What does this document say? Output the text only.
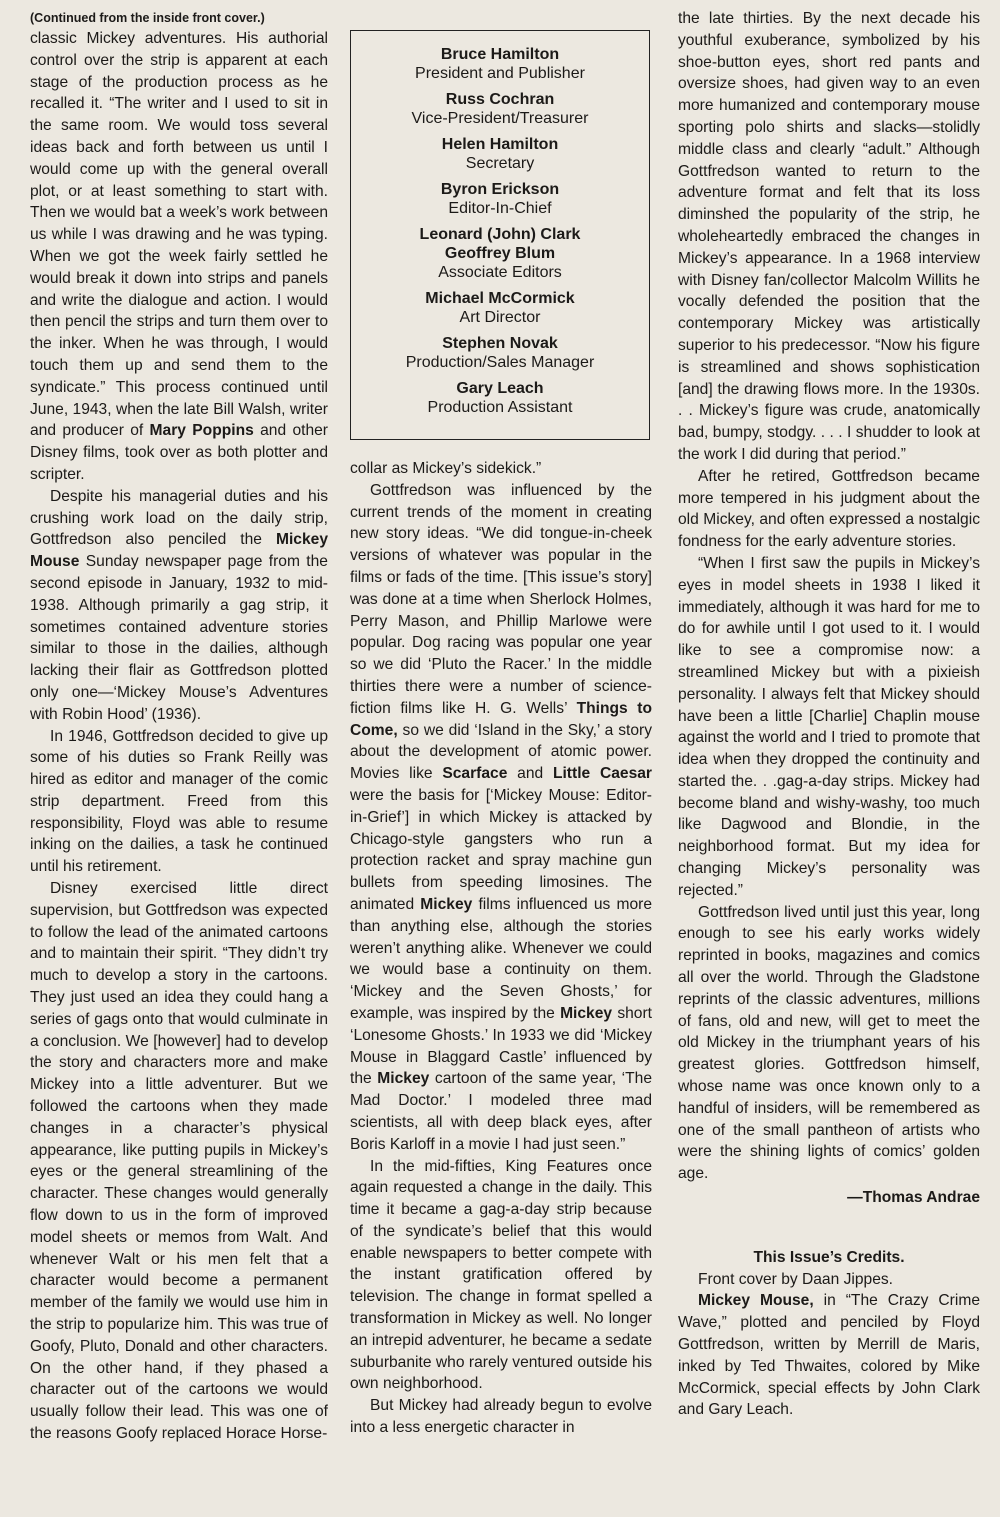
(Continued from the inside front cover.)

classic Mickey adventures. His authorial control over the strip is apparent at each stage of the production process as he recalled it. “The writer and I used to sit in the same room. We would toss several ideas back and forth between us until I would come up with the general overall plot, or at least something to start with. Then we would bat a week’s work between us while I was drawing and he was typing. When we got the week fairly settled he would break it down into strips and panels and write the dialogue and action. I would then pencil the strips and turn them over to the inker. When he was through, I would touch them up and send them to the syndicate.” This process continued until June, 1943, when the late Bill Walsh, writer and producer of Mary Poppins and other Disney films, took over as both plotter and scripter.

Despite his managerial duties and his crushing work load on the daily strip, Gottfredson also penciled the Mickey Mouse Sunday newspaper page from the second episode in January, 1932 to mid-1938. Although primarily a gag strip, it sometimes contained adventure stories similar to those in the dailies, although lacking their flair as Gottfredson plotted only one—‘Mickey Mouse’s Adventures with Robin Hood’ (1936).

In 1946, Gottfredson decided to give up some of his duties so Frank Reilly was hired as editor and manager of the comic strip department. Freed from this responsibility, Floyd was able to resume inking on the dailies, a task he continued until his retirement.

Disney exercised little direct supervision, but Gottfredson was expected to follow the lead of the animated cartoons and to maintain their spirit. “They didn’t try much to develop a story in the cartoons. They just used an idea they could hang a series of gags onto that would culminate in a conclusion. We [however] had to develop the story and characters more and make Mickey into a little adventurer. But we followed the cartoons when they made changes in a character’s physical appearance, like putting pupils in Mickey’s eyes or the general streamlining of the character. These changes would generally flow down to us in the form of improved model sheets or memos from Walt. And whenever Walt or his men felt that a character would become a permanent member of the family we would use him in the strip to popularize him. This was true of Goofy, Pluto, Donald and other characters. On the other hand, if they phased a character out of the cartoons we would usually follow their lead. This was one of the reasons Goofy replaced Horace Horse-

Bruce Hamilton
President and Publisher
Russ Cochran
Vice-President/Treasurer
Helen Hamilton
Secretary
Byron Erickson
Editor-In-Chief
Leonard (John) Clark
Geoffrey Blum
Associate Editors
Michael McCormick
Art Director
Stephen Novak
Production/Sales Manager
Gary Leach
Production Assistant

collar as Mickey’s sidekick.”

Gottfredson was influenced by the current trends of the moment in creating new story ideas. “We did tongue-in-cheek versions of whatever was popular in the films or fads of the time. [This issue’s story] was done at a time when Sherlock Holmes, Perry Mason, and Phillip Marlowe were popular. Dog racing was popular one year so we did ‘Pluto the Racer.’ In the middle thirties there were a number of science-fiction films like H. G. Wells’ Things to Come, so we did ‘Island in the Sky,’ a story about the development of atomic power. Movies like Scarface and Little Caesar were the basis for [‘Mickey Mouse: Editor-in-Grief’] in which Mickey is attacked by Chicago-style gangsters who run a protection racket and spray machine gun bullets from speeding limosines. The animated Mickey films influenced us more than anything else, although the stories weren’t anything alike. Whenever we could we would base a continuity on them. ‘Mickey and the Seven Ghosts,’ for example, was inspired by the Mickey short ‘Lonesome Ghosts.’ In 1933 we did ‘Mickey Mouse in Blaggard Castle’ influenced by the Mickey cartoon of the same year, ‘The Mad Doctor.’ I modeled three mad scientists, all with deep black eyes, after Boris Karloff in a movie I had just seen.”

In the mid-fifties, King Features once again requested a change in the daily. This time it became a gag-a-day strip because of the syndicate’s belief that this would enable newspapers to better compete with the instant gratification offered by television. The change in format spelled a transformation in Mickey as well. No longer an intrepid adventurer, he became a sedate suburbanite who rarely ventured outside his own neighborhood.

But Mickey had already begun to evolve into a less energetic character in

the late thirties. By the next decade his youthful exuberance, symbolized by his shoe-button eyes, short red pants and oversize shoes, had given way to an even more humanized and contemporary mouse sporting polo shirts and slacks—stolidly middle class and clearly “adult.” Although Gottfredson wanted to return to the adventure format and felt that its loss diminshed the popularity of the strip, he wholeheartedly embraced the changes in Mickey’s appearance. In a 1968 interview with Disney fan/collector Malcolm Willits he vocally defended the position that the contemporary Mickey was artistically superior to his predecessor. “Now his figure is streamlined and shows sophistication [and] the drawing flows more. In the 1930s. . . Mickey’s figure was crude, anatomically bad, bumpy, stodgy. . . . I shudder to look at the work I did during that period.”

After he retired, Gottfredson became more tempered in his judgment about the old Mickey, and often expressed a nostalgic fondness for the early adventure stories.

“When I first saw the pupils in Mickey’s eyes in model sheets in 1938 I liked it immediately, although it was hard for me to do for awhile until I got used to it. I would like to see a compromise now: a streamlined Mickey but with a pixieish personality. I always felt that Mickey should have been a little [Charlie] Chaplin mouse against the world and I tried to promote that idea when they dropped the continuity and started the. . .gag-a-day strips. Mickey had become bland and wishy-washy, too much like Dagwood and Blondie, in the neighborhood format. But my idea for changing Mickey’s personality was rejected.”

Gottfredson lived until just this year, long enough to see his early works widely reprinted in books, magazines and comics all over the world. Through the Gladstone reprints of the classic adventures, millions of fans, old and new, will get to meet the old Mickey in the triumphant years of his greatest glories. Gottfredson himself, whose name was once known only to a handful of insiders, will be remembered as one of the small pantheon of artists who were the shining lights of comics’ golden age.

—Thomas Andrae

This Issue’s Credits.

Front cover by Daan Jippes.

Mickey Mouse, in “The Crazy Crime Wave,” plotted and penciled by Floyd Gottfredson, written by Merrill de Maris, inked by Ted Thwaites, colored by Mike McCormick, special effects by John Clark and Gary Leach.
